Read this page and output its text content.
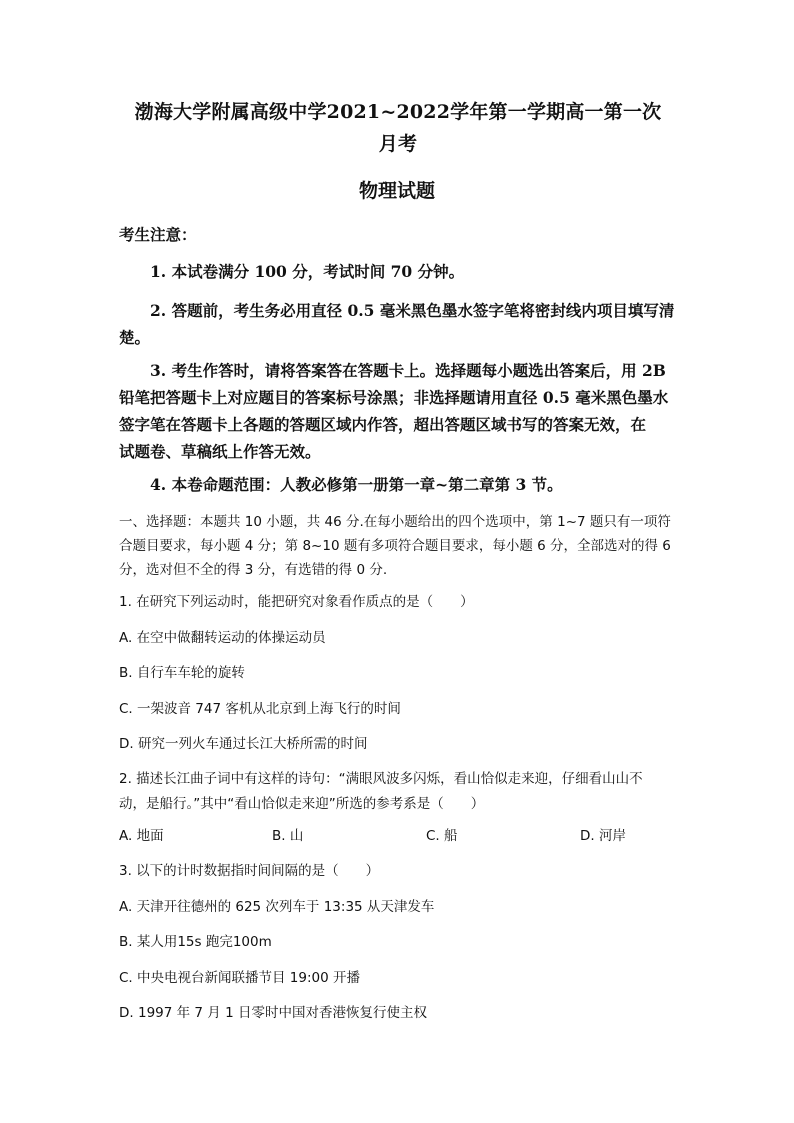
渤海大学附属高级中学2021~2022学年第一学期高一第一次
月考
物理试题
考生注意：
1. 本试卷满分 100 分，考试时间 70 分钟。
2. 答题前，考生务必用直径 0.5 毫米黑色墨水签字笔将密封线内项目填写清
楚。
3. 考生作答时，请将答案答在答题卡上。选择题每小题选出答案后，用 2B
铅笔把答题卡上对应题目的答案标号涂黑；非选择题请用直径 0.5 毫米黑色墨水
签字笔在答题卡上各题的答题区域内作答，超出答题区域书写的答案无效，在
试题卷、草稿纸上作答无效。
4. 本卷命题范围：人教必修第一册第一章~第二章第 3 节。
一、选择题：本题共 10 小题，共 46 分.在每小题给出的四个选项中，第 1~7 题只有一项符
合题目要求，每小题 4 分；第 8~10 题有多项符合题目要求，每小题 6 分，全部选对的得 6
分，选对但不全的得 3 分，有选错的得 0 分.
1. 在研究下列运动时，能把研究对象看作质点的是（　　）
A. 在空中做翻转运动的体操运动员
B. 自行车车轮的旋转
C. 一架波音 747 客机从北京到上海飞行的时间
D. 研究一列火车通过长江大桥所需的时间
2. 描述长江曲子词中有这样的诗句：“满眼风波多闪烁，看山恰似走来迎，仔细看山山不
动，是船行。”其中“看山恰似走来迎”所选的参考系是（　　）
A. 地面	B. 山	C. 船	D. 河岸
3. 以下的计时数据指时间间隔的是（　　）
A. 天津开往德州的 625 次列车于 13:35 从天津发车
B. 某人用15s 跑完100m
C. 中央电视台新闻联播节目 19:00 开播
D. 1997 年 7 月 1 日零时中国对香港恢复行使主权
